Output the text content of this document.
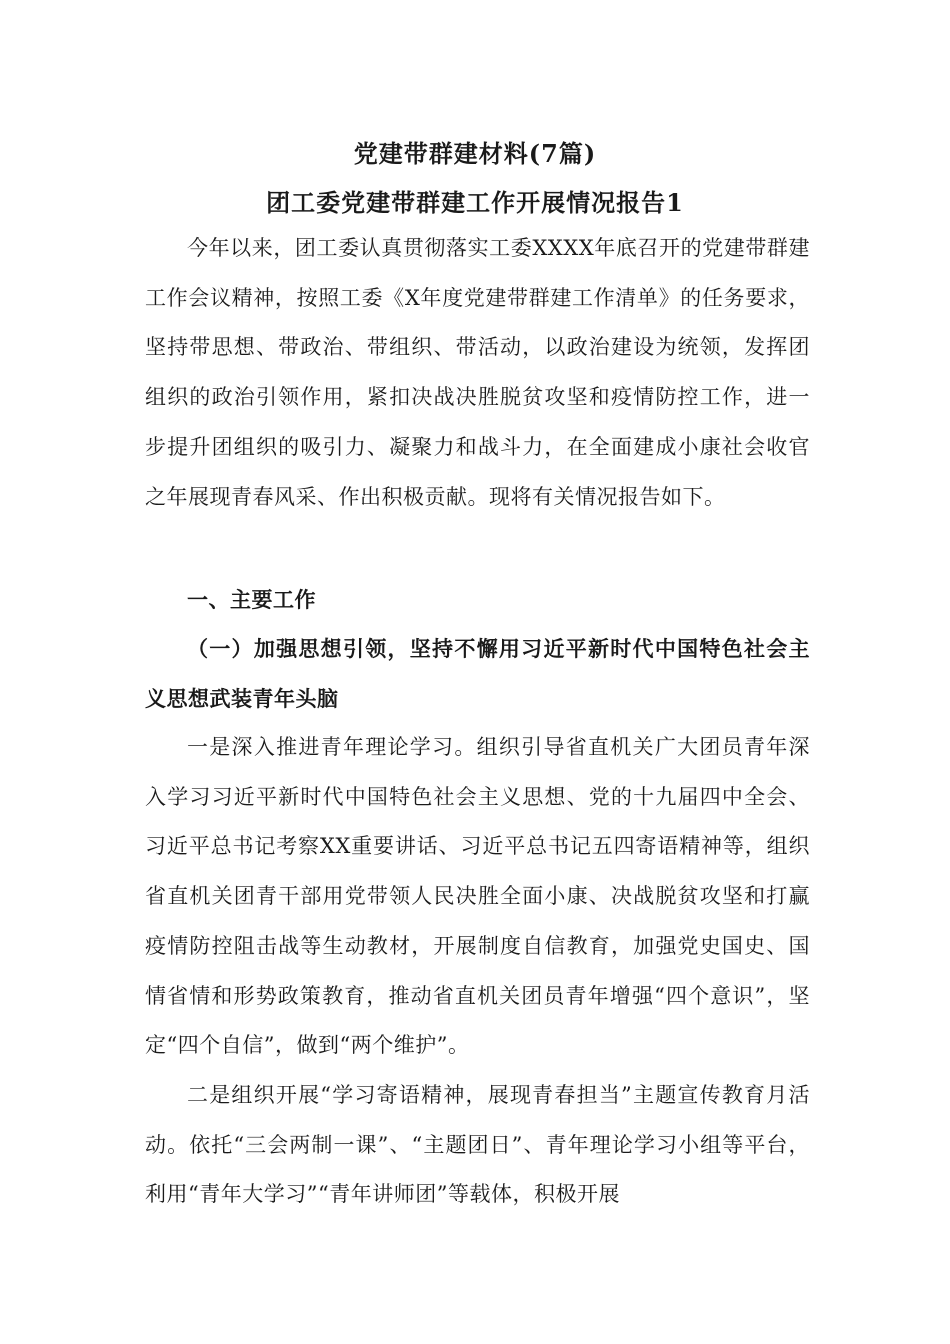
党建带群建材料(7篇)
团工委党建带群建工作开展情况报告1

今年以来，团工委认真贯彻落实工委XXXX年底召开的党建带群建工作会议精神，按照工委《X年度党建带群建工作清单》的任务要求，坚持带思想、带政治、带组织、带活动，以政治建设为统领，发挥团组织的政治引领作用，紧扣决战决胜脱贫攻坚和疫情防控工作，进一步提升团组织的吸引力、凝聚力和战斗力，在全面建成小康社会收官之年展现青春风采、作出积极贡献。现将有关情况报告如下。

一、主要工作

（一）加强思想引领，坚持不懈用习近平新时代中国特色社会主义思想武装青年头脑

一是深入推进青年理论学习。组织引导省直机关广大团员青年深入学习习近平新时代中国特色社会主义思想、党的十九届四中全会、习近平总书记考察XX重要讲话、习近平总书记五四寄语精神等，组织省直机关团青干部用党带领人民决胜全面小康、决战脱贫攻坚和打赢疫情防控阻击战等生动教材，开展制度自信教育，加强党史国史、国情省情和形势政策教育，推动省直机关团员青年增强“四个意识”，坚定“四个自信”，做到“两个维护”。

二是组织开展“学习寄语精神，展现青春担当”主题宣传教育月活动。依托“三会两制一课”、“主题团日”、青年理论学习小组等平台，利用“青年大学习”“青年讲师团”等载体，积极开展
